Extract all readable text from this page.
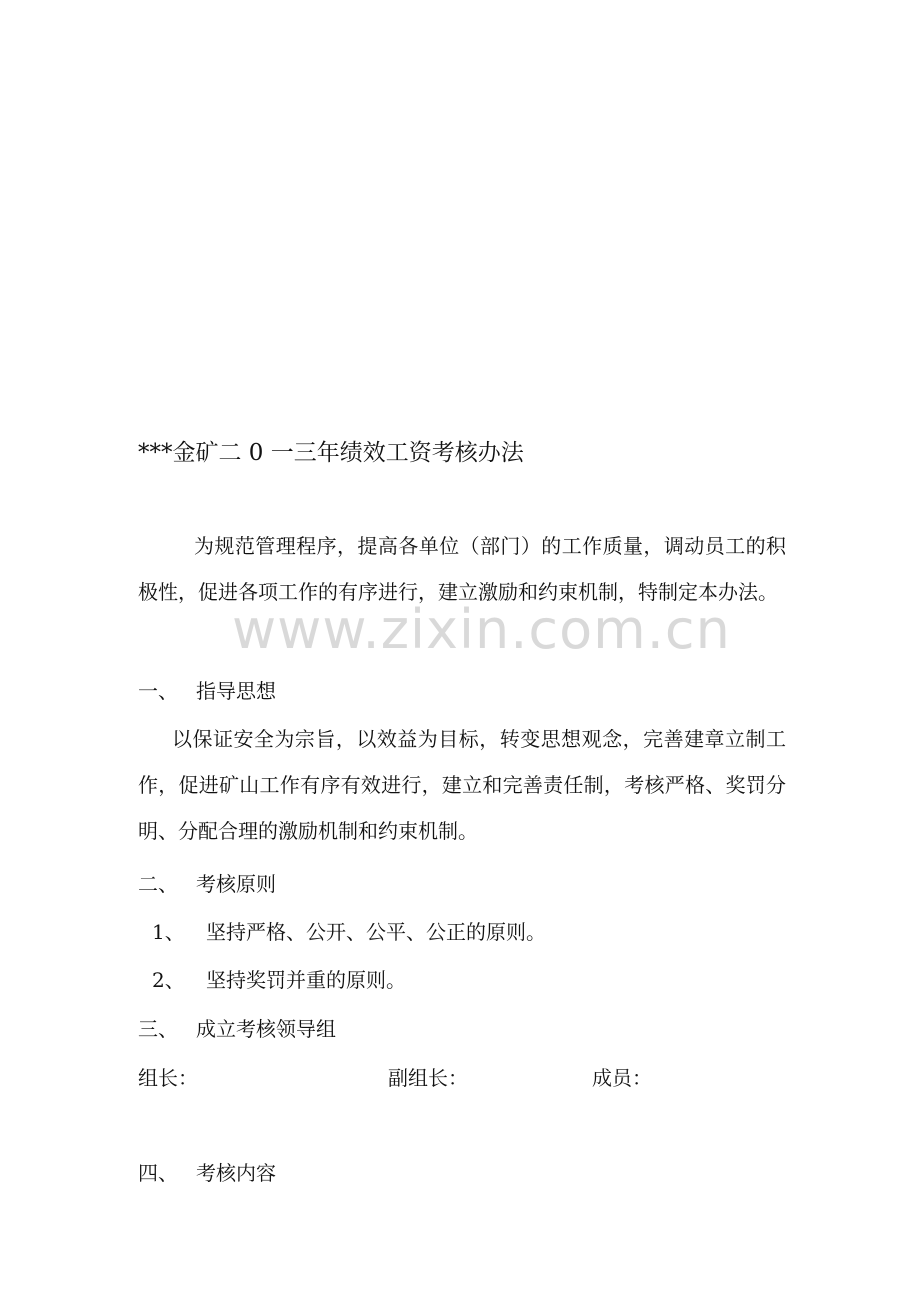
***金矿二 0 一三年绩效工资考核办法
为规范管理程序，提高各单位（部门）的工作质量，调动员工的积极性，促进各项工作的有序进行，建立激励和约束机制，特制定本办法。
www.zixin.com.cn
一、 指导思想
以保证安全为宗旨，以效益为目标，转变思想观念，完善建章立制工作，促进矿山工作有序有效进行，建立和完善责任制，考核严格、奖罚分明、分配合理的激励机制和约束机制。
二、 考核原则
1、 坚持严格、公开、公平、公正的原则。
2、 坚持奖罚并重的原则。
三、 成立考核领导组
组长：	副组长：	成员：
四、 考核内容
